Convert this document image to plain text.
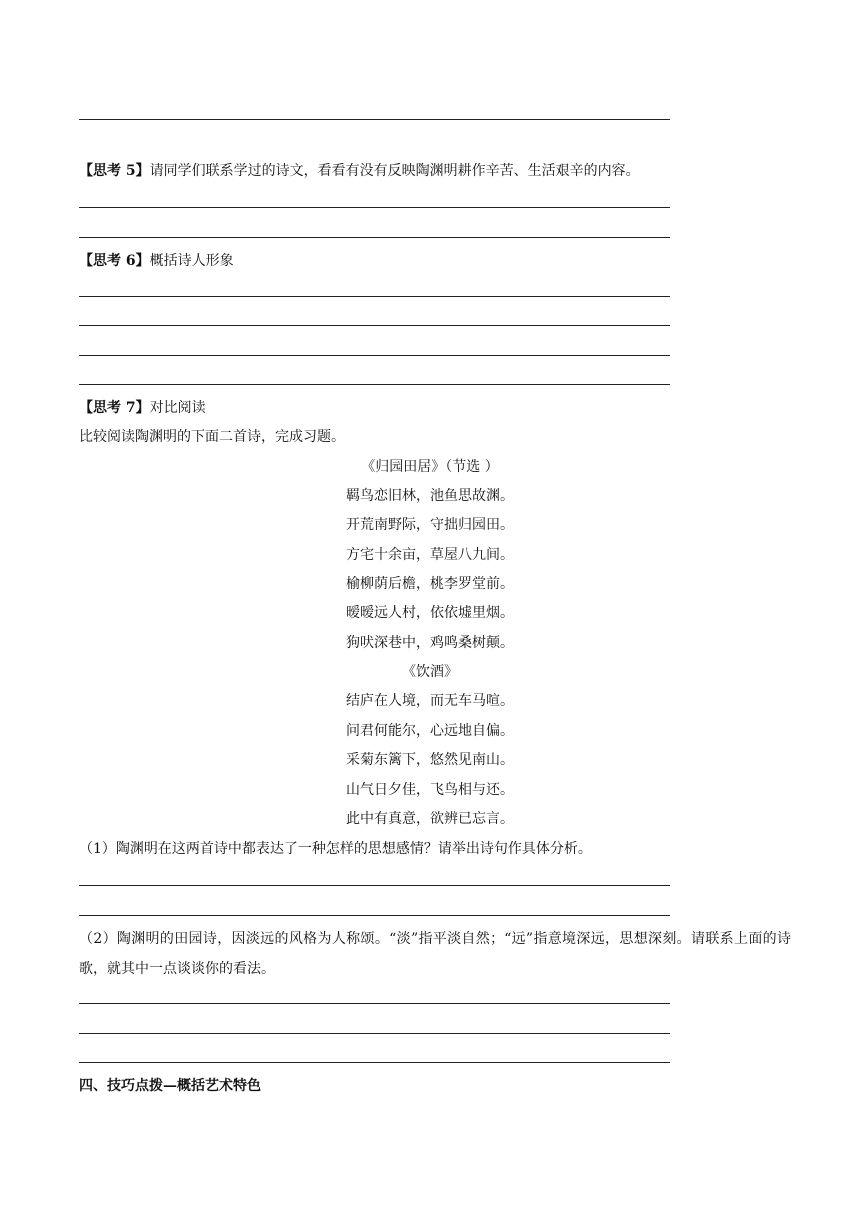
【思考 5】请同学们联系学过的诗文，看看有没有反映陶渊明耕作辛苦、生活艰辛的内容。
【思考 6】概括诗人形象
【思考 7】对比阅读
比较阅读陶渊明的下面二首诗，完成习题。
《归园田居》（节选 ）
羁鸟恋旧林，池鱼思故渊。
开荒南野际，守拙归园田。
方宅十余亩，草屋八九间。
榆柳荫后檐，桃李罗堂前。
暧暧远人村，依依墟里烟。
狗吠深巷中，鸡鸣桑树颠。
《饮酒》
结庐在人境，而无车马喧。
问君何能尔，心远地自偏。
采菊东篱下，悠然见南山。
山气日夕佳，飞鸟相与还。
此中有真意，欲辨已忘言。
（1）陶渊明在这两首诗中都表达了一种怎样的思想感情？请举出诗句作具体分析。
（2）陶渊明的田园诗，因淡远的风格为人称颂。“淡”指平淡自然；“远”指意境深远，思想深刻。请联系上面的诗歌，就其中一点谈谈你的看法。
四、技巧点拨—概括艺术特色
